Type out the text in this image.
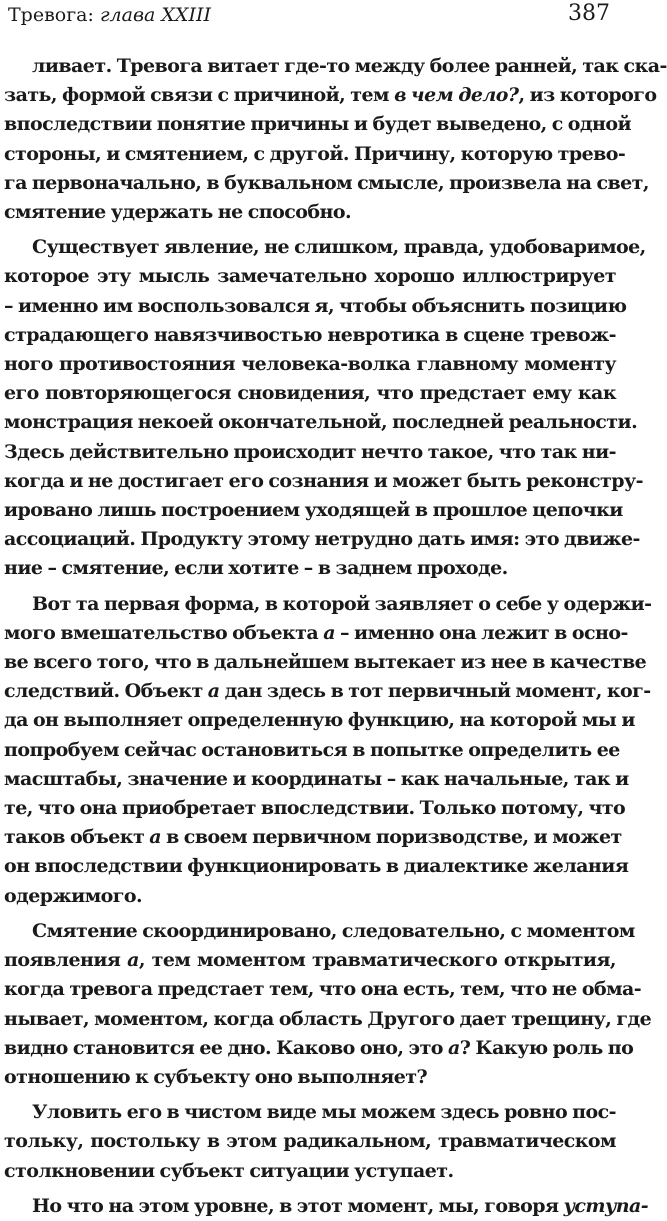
Тревога: глава XXIII	387
ливает. Тревога витает где-то между более ранней, так ска-
зать, формой связи с причиной, тем в чем дело?, из которого
впоследствии понятие причины и будет выведено, с одной
стороны, и смятением, с другой. Причину, которую трево-
га первоначально, в буквальном смысле, произвела на свет,
смятение удержать не способно.
Существует явление, не слишком, правда, удобоваримое,
которое эту мысль замечательно хорошо иллюстрирует
– именно им воспользовался я, чтобы объяснить позицию
страдающего навязчивостью невротика в сцене тревож-
ного противостояния человека-волка главному моменту
его повторяющегося сновидения, что предстает ему как
монстрация некоей окончательной, последней реальности.
Здесь действительно происходит нечто такое, что так ни-
когда и не достигает его сознания и может быть реконстру-
ировано лишь построением уходящей в прошлое цепочки
ассоциаций. Продукту этому нетрудно дать имя: это движе-
ние – смятение, если хотите – в заднем проходе.
Вот та первая форма, в которой заявляет о себе у одержи-
мого вмешательство объекта а – именно она лежит в осно-
ве всего того, что в дальнейшем вытекает из нее в качестве
следствий. Объект а дан здесь в тот первичный момент, ког-
да он выполняет определенную функцию, на которой мы и
попробуем сейчас остановиться в попытке определить ее
масштабы, значение и координаты – как начальные, так и
те, что она приобретает впоследствии. Только потому, что
таков объект а в своем первичном поризводстве, и может
он впоследствии функционировать в диалектике желания
одержимого.
Смятение скоординировано, следовательно, с моментом
появления а, тем моментом травматического открытия,
когда тревога предстает тем, что она есть, тем, что не обма-
нывает, моментом, когда область Другого дает трещину, где
видно становится ее дно. Каково оно, это а? Какую роль по
отношению к субъекту оно выполняет?
Уловить его в чистом виде мы можем здесь ровно пос-
тольку, постольку в этом радикальном, травматическом
столкновении субъект ситуации уступает.
Но что на этом уровне, в этот момент, мы, говоря уступа-
